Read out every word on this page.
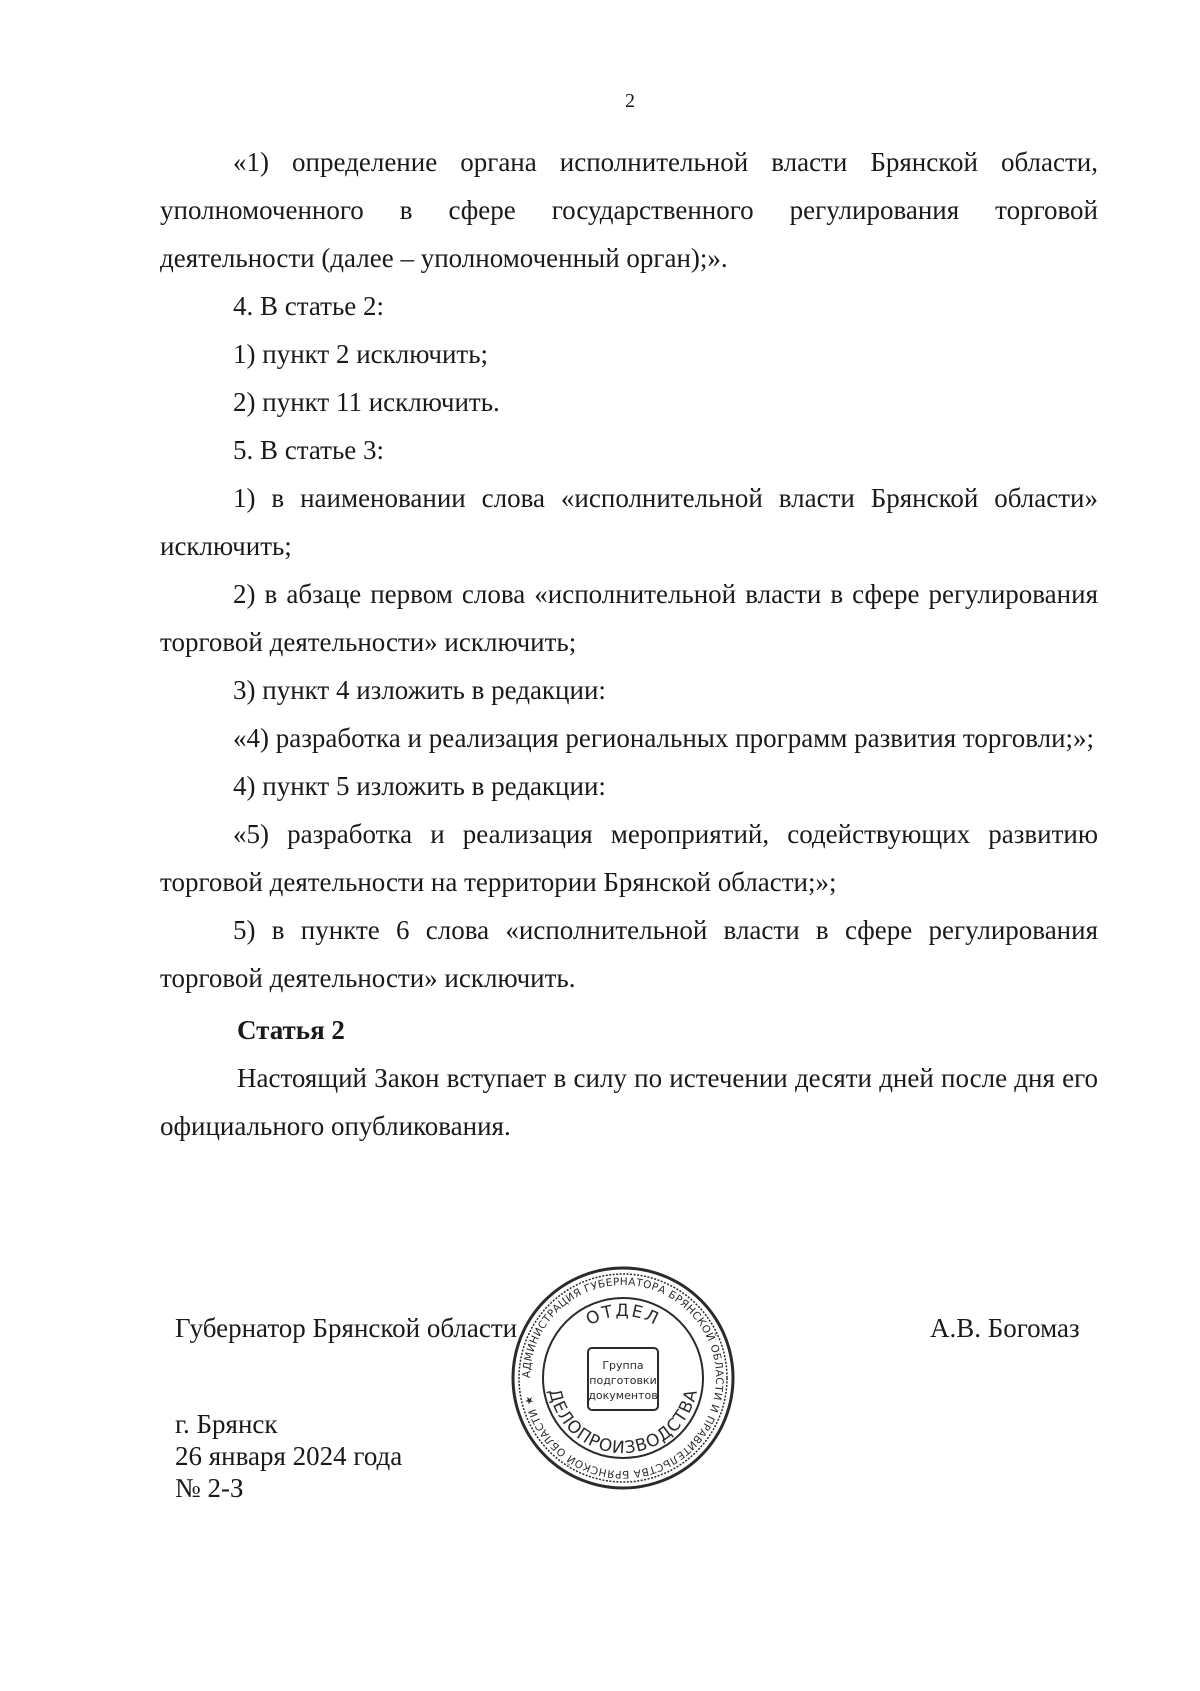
2

«1) определение органа исполнительной власти Брянской области, уполномоченного в сфере государственного регулирования торговой деятельности (далее – уполномоченный орган);».

4. В статье 2:

1) пункт 2 исключить;

2) пункт 11 исключить.

5. В статье 3:

1) в наименовании слова «исполнительной власти Брянской области» исключить;

2) в абзаце первом слова «исполнительной власти в сфере регулирования торговой деятельности» исключить;

3) пункт 4 изложить в редакции:

«4) разработка и реализация региональных программ развития торговли;»;

4) пункт 5 изложить в редакции:

«5) разработка и реализация мероприятий, содействующих развитию торговой деятельности на территории Брянской области;»;

5) в пункте 6 слова «исполнительной власти в сфере регулирования торговой деятельности» исключить.

Статья 2

Настоящий Закон вступает в силу по истечении десяти дней после дня его официального опубликования.

Губернатор Брянской области	А.В. Богомаз
г. Брянск
26 января 2024 года
№ 2-З
АДМИНИСТРАЦИЯ ГУБЕРНАТОРА БРЯНСКОЙ ОБЛАСТИ И ПРАВИТЕЛЬСТВА БРЯНСКОЙ ОБЛАСТИ ★
ОТДЕЛ
ДЕЛОПРОИЗВОДСТВА
Группа
подготовки
документов
